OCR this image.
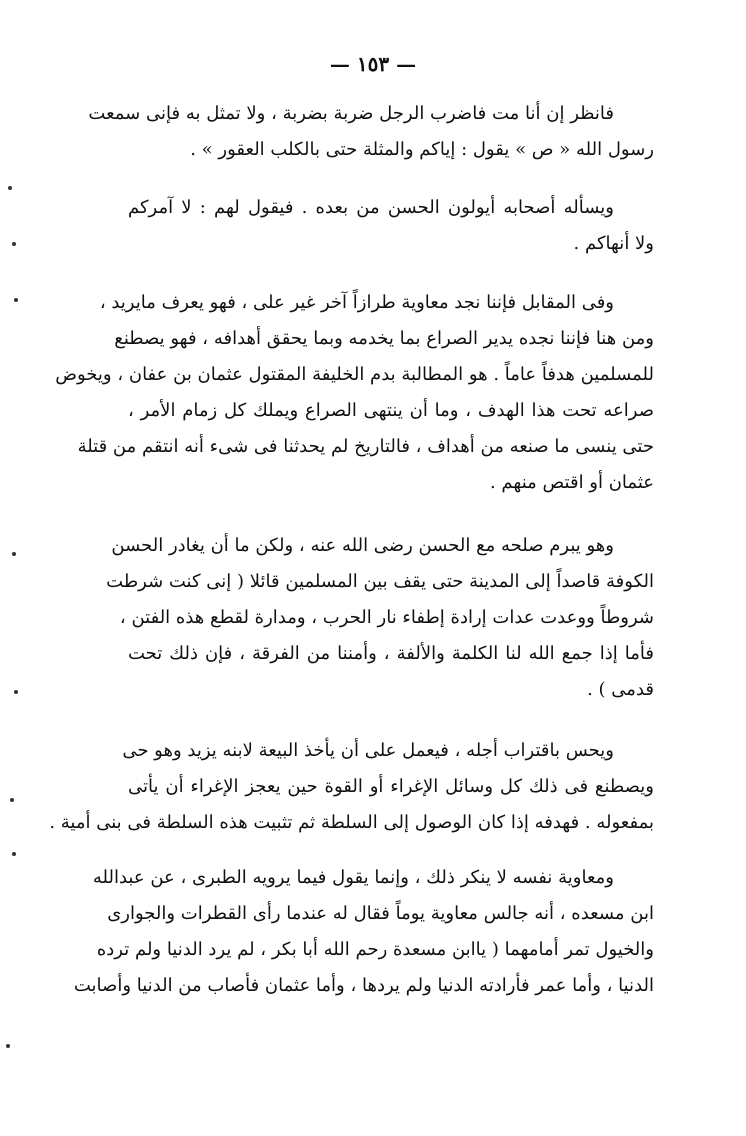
— ١٥٣ —

فانظر إن أنا مت فاضرب الرجل ضربة بضربة ، ولا تمثل به فإنى سمعت
رسول الله « ص » يقول : إياكم والمثلة حتى بالكلب العقور » .

ويسأله أصحابه أيولون الحسن من بعده . فيقول لهم : لا آمركم
ولا أنهاكم .

وفى المقابل فإننا نجد معاوية طرازاً آخر غير على ، فهو يعرف مايريد ،
ومن هنا فإننا نجده يدير الصراع بما يخدمه وبما يحقق أهدافه ، فهو يصطنع
للمسلمين هدفاً عاماً . هو المطالبة بدم الخليفة المقتول عثمان بن عفان ، ويخوض
صراعه تحت هذا الهدف ، وما أن ينتهى الصراع ويملك كل زمام الأمر ،
حتى ينسى ما صنعه من أهداف ، فالتاريخ لم يحدثنا فى شىء أنه انتقم من قتلة
عثمان أو اقتص منهم .

وهو يبرم صلحه مع الحسن رضى الله عنه ، ولكن ما أن يغادر الحسن
الكوفة قاصداً إلى المدينة حتى يقف بين المسلمين قائلا ( إنى كنت شرطت
شروطاً ووعدت عدات إرادة إطفاء نار الحرب ، ومدارة لقطع هذه الفتن ،
فأما إذا جمع الله لنا الكلمة والألفة ، وأمننا من الفرقة ، فإن ذلك تحت
قدمى ) .

ويحس باقتراب أجله ، فيعمل على أن يأخذ البيعة لابنه يزيد وهو حى
ويصطنع فى ذلك كل وسائل الإغراء أو القوة حين يعجز الإغراء أن يأتى
بمفعوله . فهدفه إذا كان الوصول إلى السلطة ثم تثبيت هذه السلطة فى بنى أمية .

ومعاوية نفسه لا ينكر ذلك ، وإنما يقول فيما يرويه الطبرى ، عن عبدالله
ابن مسعده ، أنه جالس معاوية يوماً فقال له عندما رأى القطرات والجوارى
والخيول تمر أمامهما ( ياابن مسعدة رحم الله أبا بكر ، لم يرد الدنيا ولم ترده
الدنيا ، وأما عمر فأرادته الدنيا ولم يردها ، وأما عثمان فأصاب من الدنيا وأصابت
